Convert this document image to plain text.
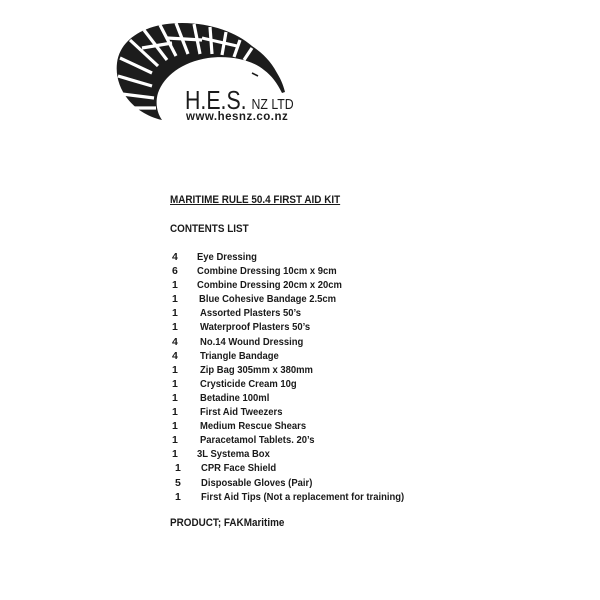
H.E.S. NZ LTD
www.hesnz.co.nz
MARITIME RULE 50.4 FIRST AID KIT
CONTENTS LIST
4 Eye Dressing
6 Combine Dressing 10cm x 9cm
1 Combine Dressing 20cm x 20cm
1 Blue Cohesive Bandage 2.5cm
1 Assorted Plasters 50’s
1 Waterproof Plasters 50’s
4 No.14 Wound Dressing
4 Triangle Bandage
1 Zip Bag 305mm x 380mm
1 Crysticide Cream 10g
1 Betadine 100ml
1 First Aid Tweezers
1 Medium Rescue Shears
1 Paracetamol Tablets. 20’s
1 3L Systema Box
1 CPR Face Shield
5 Disposable Gloves (Pair)
1 First Aid Tips (Not a replacement for training)
PRODUCT; FAKMaritime
